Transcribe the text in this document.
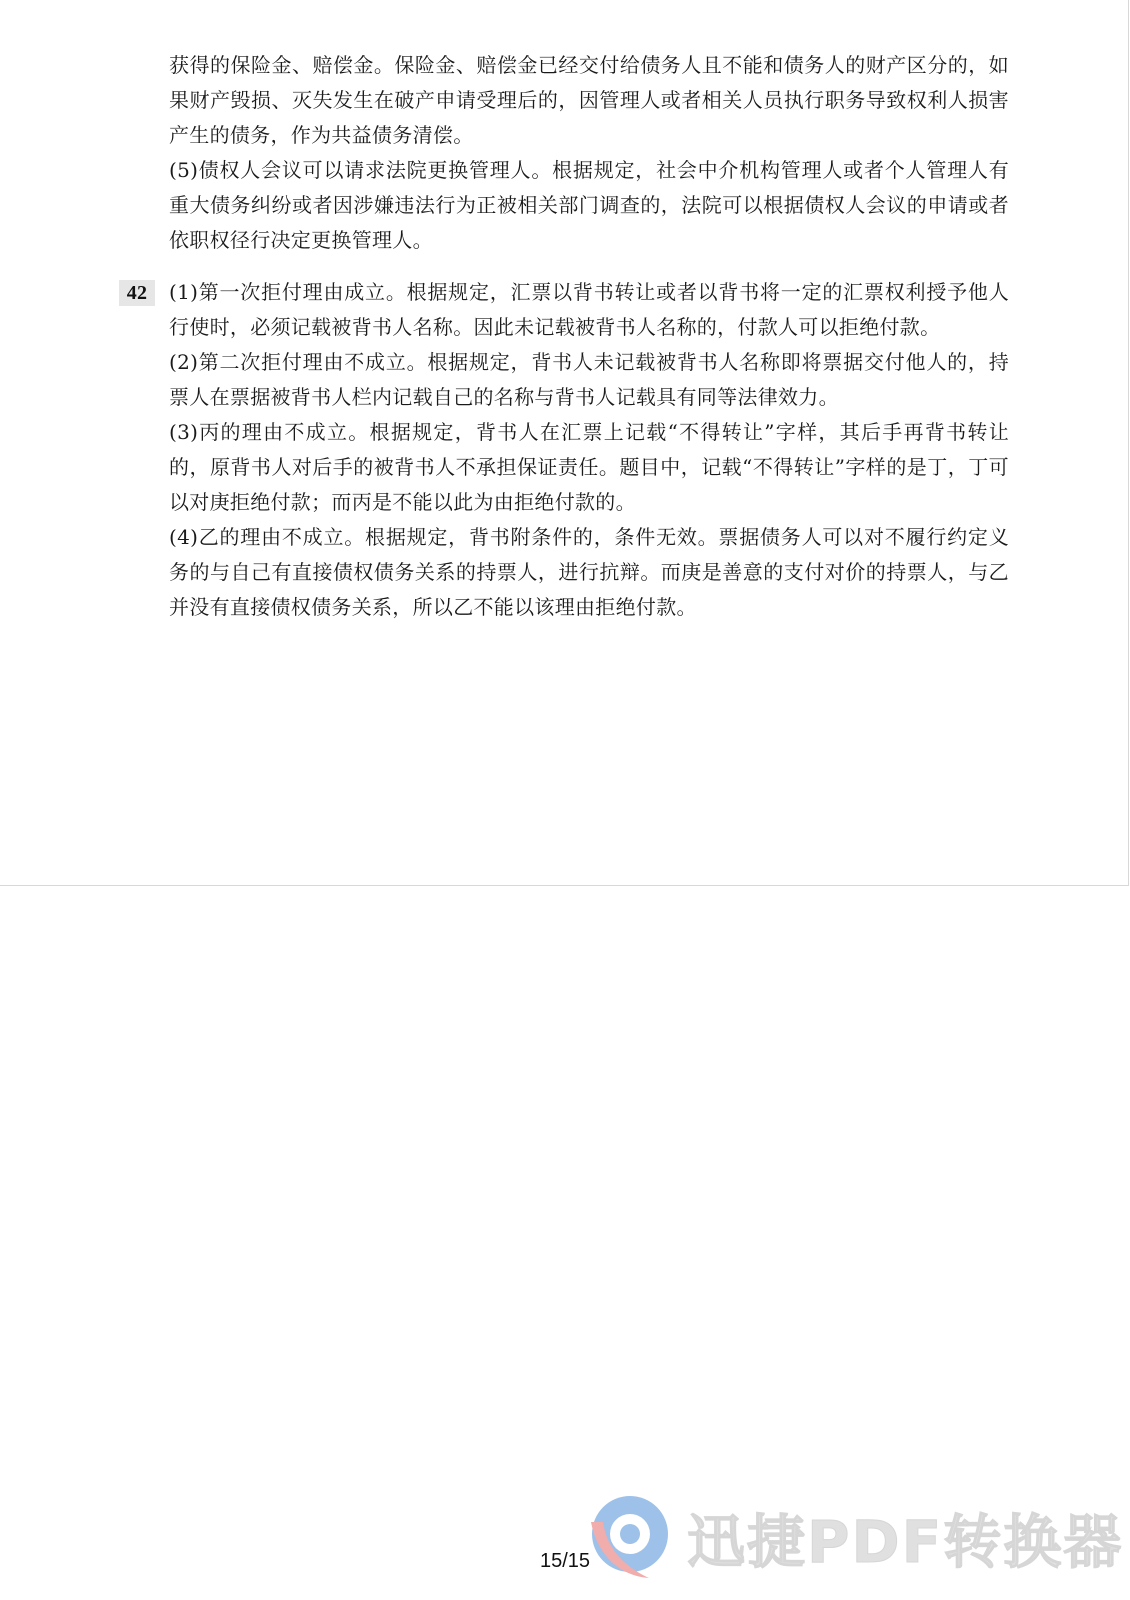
获得的保险金、赔偿金。保险金、赔偿金已经交付给债务人且不能和债务人的财产区分的，如果财产毁损、灭失发生在破产申请受理后的，因管理人或者相关人员执行职务导致权利人损害产生的债务，作为共益债务清偿。

(5)债权人会议可以请求法院更换管理人。根据规定，社会中介机构管理人或者个人管理人有重大债务纠纷或者因涉嫌违法行为正被相关部门调查的，法院可以根据债权人会议的申请或者依职权径行决定更换管理人。

42	(1)第一次拒付理由成立。根据规定，汇票以背书转让或者以背书将一定的汇票权利授予他人行使时，必须记载被背书人名称。因此未记载被背书人名称的，付款人可以拒绝付款。

(2)第二次拒付理由不成立。根据规定，背书人未记载被背书人名称即将票据交付他人的，持票人在票据被背书人栏内记载自己的名称与背书人记载具有同等法律效力。

(3)丙的理由不成立。根据规定，背书人在汇票上记载“不得转让”字样，其后手再背书转让的，原背书人对后手的被背书人不承担保证责任。题目中，记载“不得转让”字样的是丁，丁可以对庚拒绝付款；而丙是不能以此为由拒绝付款的。

(4)乙的理由不成立。根据规定，背书附条件的，条件无效。票据债务人可以对不履行约定义务的与自己有直接债权债务关系的持票人，进行抗辩。而庚是善意的支付对价的持票人，与乙并没有直接债权债务关系，所以乙不能以该理由拒绝付款。

迅捷PDF转换器
15/15
